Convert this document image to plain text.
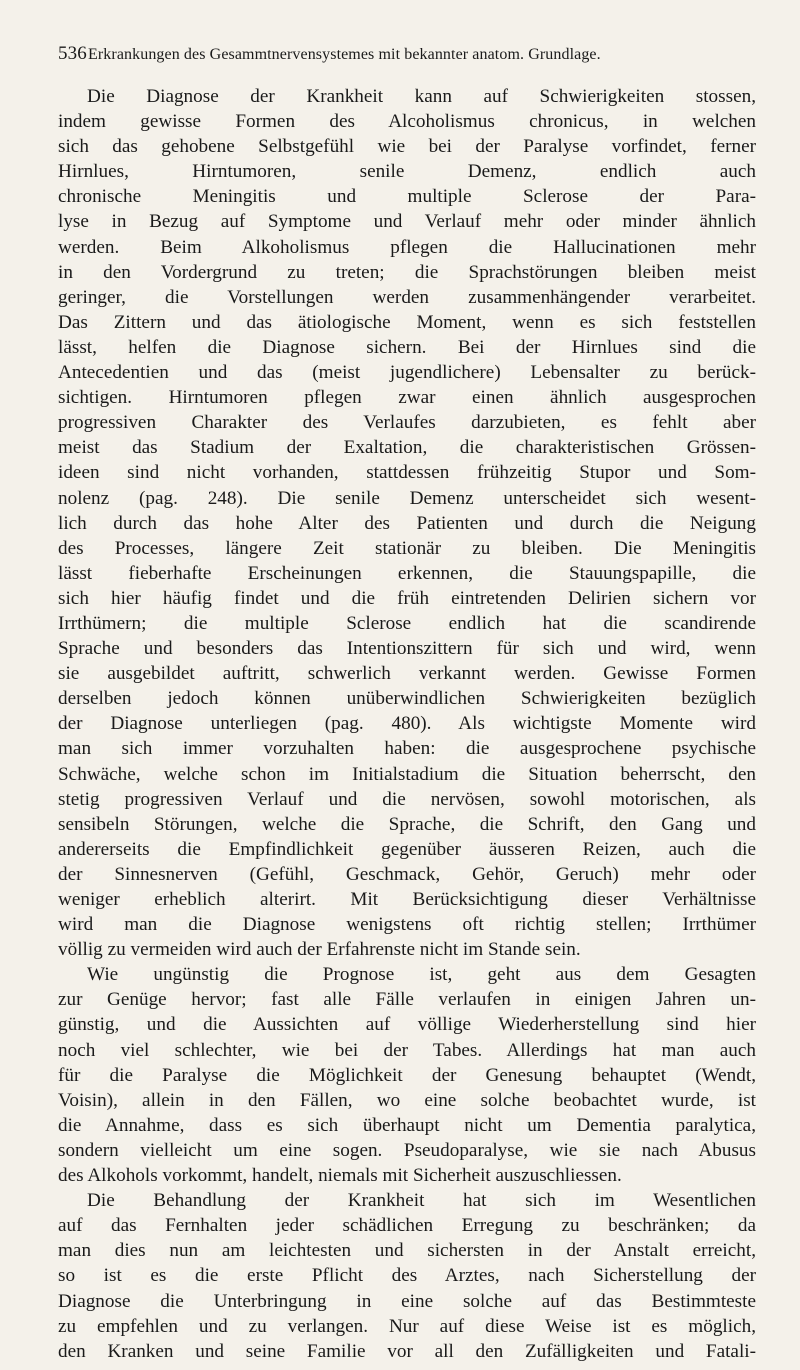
536Erkrankungen des Gesammtnervensystemes mit bekannter anatom. Grundlage.
Die Diagnose der Krankheit kann auf Schwierigkeiten stossen,
indem gewisse Formen des Alcoholismus chronicus, in welchen
sich das gehobene Selbstgefühl wie bei der Paralyse vorfindet, ferner
Hirnlues, Hirntumoren, senile Demenz, endlich auch
chronische Meningitis und multiple Sclerose der Para-
lyse in Bezug auf Symptome und Verlauf mehr oder minder ähnlich
werden. Beim Alkoholismus pflegen die Hallucinationen mehr
in den Vordergrund zu treten; die Sprachstörungen bleiben meist
geringer, die Vorstellungen werden zusammenhängender verarbeitet.
Das Zittern und das ätiologische Moment, wenn es sich feststellen
lässt, helfen die Diagnose sichern. Bei der Hirnlues sind die
Antecedentien und das (meist jugendlichere) Lebensalter zu berück-
sichtigen. Hirntumoren pflegen zwar einen ähnlich ausgesprochen
progressiven Charakter des Verlaufes darzubieten, es fehlt aber
meist das Stadium der Exaltation, die charakteristischen Grössen-
ideen sind nicht vorhanden, stattdessen frühzeitig Stupor und Som-
nolenz (pag. 248). Die senile Demenz unterscheidet sich wesent-
lich durch das hohe Alter des Patienten und durch die Neigung
des Processes, längere Zeit stationär zu bleiben. Die Meningitis
lässt fieberhafte Erscheinungen erkennen, die Stauungspapille, die
sich hier häufig findet und die früh eintretenden Delirien sichern vor
Irrthümern; die multiple Sclerose endlich hat die scandirende
Sprache und besonders das Intentionszittern für sich und wird, wenn
sie ausgebildet auftritt, schwerlich verkannt werden. Gewisse Formen
derselben jedoch können unüberwindlichen Schwierigkeiten bezüglich
der Diagnose unterliegen (pag. 480). Als wichtigste Momente wird
man sich immer vorzuhalten haben: die ausgesprochene psychische
Schwäche, welche schon im Initialstadium die Situation beherrscht, den
stetig progressiven Verlauf und die nervösen, sowohl motorischen, als
sensibeln Störungen, welche die Sprache, die Schrift, den Gang und
andererseits die Empfindlichkeit gegenüber äusseren Reizen, auch die
der Sinnesnerven (Gefühl, Geschmack, Gehör, Geruch) mehr oder
weniger erheblich alterirt. Mit Berücksichtigung dieser Verhältnisse
wird man die Diagnose wenigstens oft richtig stellen; Irrthümer
völlig zu vermeiden wird auch der Erfahrenste nicht im Stande sein.
Wie ungünstig die Prognose ist, geht aus dem Gesagten
zur Genüge hervor; fast alle Fälle verlaufen in einigen Jahren un-
günstig, und die Aussichten auf völlige Wiederherstellung sind hier
noch viel schlechter, wie bei der Tabes. Allerdings hat man auch
für die Paralyse die Möglichkeit der Genesung behauptet (Wendt,
Voisin), allein in den Fällen, wo eine solche beobachtet wurde, ist
die Annahme, dass es sich überhaupt nicht um Dementia paralytica,
sondern vielleicht um eine sogen. Pseudoparalyse, wie sie nach Abusus
des Alkohols vorkommt, handelt, niemals mit Sicherheit auszuschliessen.
Die Behandlung der Krankheit hat sich im Wesentlichen
auf das Fernhalten jeder schädlichen Erregung zu beschränken; da
man dies nun am leichtesten und sichersten in der Anstalt erreicht,
so ist es die erste Pflicht des Arztes, nach Sicherstellung der
Diagnose die Unterbringung in eine solche auf das Bestimmteste
zu empfehlen und zu verlangen. Nur auf diese Weise ist es möglich,
den Kranken und seine Familie vor all den Zufälligkeiten und Fatali-
